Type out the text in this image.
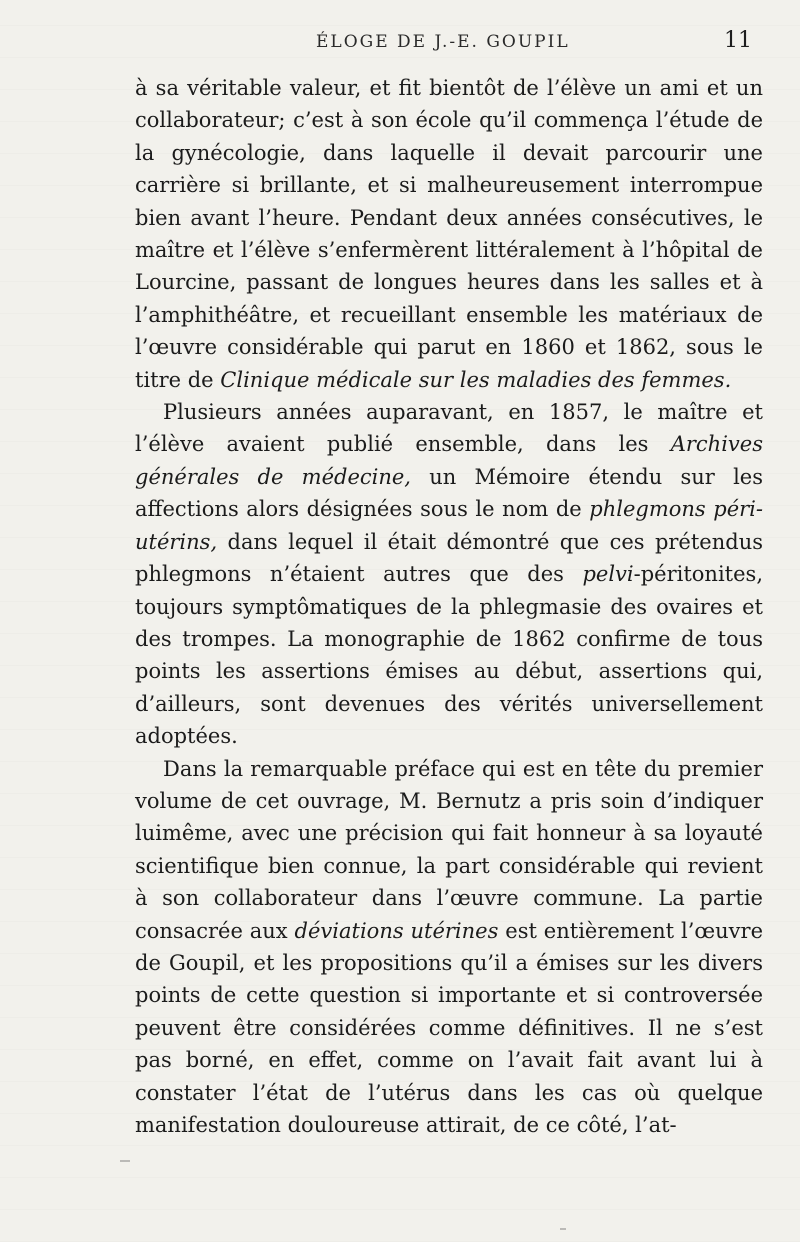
ÉLOGE DE J.-E. GOUPIL	11

à sa véritable valeur, et fit bientôt de l’élève un ami et un collaborateur; c’est à son école qu’il commença l’étude de la gynécologie, dans laquelle il devait parcourir une carrière si brillante, et si malheureusement interrompue bien avant l’heure. Pendant deux années consécutives, le maître et l’élève s’enfermèrent littéralement à l’hôpital de Lourcine, passant de longues heures dans les salles et à l’amphithéâtre, et recueillant ensemble les matériaux de l’œuvre considérable qui parut en 1860 et 1862, sous le titre de Clinique médicale sur les maladies des femmes.

Plusieurs années auparavant, en 1857, le maître et l’élève avaient publié ensemble, dans les Archives générales de médecine, un Mémoire étendu sur les affections alors désignées sous le nom de phlegmons péri-utérins, dans lequel il était démontré que ces prétendus phlegmons n’étaient autres que des pelvi-péritonites, toujours symptômatiques de la phlegmasie des ovaires et des trompes. La monographie de 1862 confirme de tous points les assertions émises au début, assertions qui, d’ailleurs, sont devenues des vérités universellement adoptées.

Dans la remarquable préface qui est en tête du premier volume de cet ouvrage, M. Bernutz a pris soin d’indiquer luimême, avec une précision qui fait honneur à sa loyauté scientifique bien connue, la part considérable qui revient à son collaborateur dans l’œuvre commune. La partie consacrée aux déviations utérines est entièrement l’œuvre de Goupil, et les propositions qu’il a émises sur les divers points de cette question si importante et si controversée peuvent être considérées comme définitives. Il ne s’est pas borné, en effet, comme on l’avait fait avant lui à constater l’état de l’utérus dans les cas où quelque manifestation douloureuse attirait, de ce côté, l’at-
